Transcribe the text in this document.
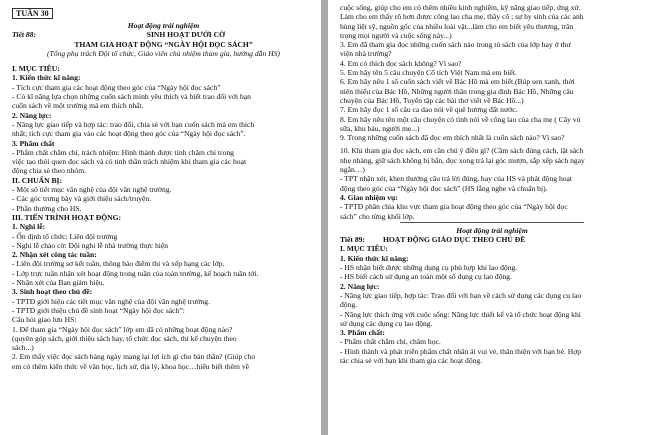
TUẦN 30
Hoạt động trải nghiệm
Tiết 88:	SINH HOẠT DƯỚI CỜ
THAM GIA HOẠT ĐỘNG “NGÀY HỘI ĐỌC SÁCH”
(Tổng phụ trách Đội tổ chức, Giáo viên chủ nhiệm tham gia, hướng dẫn HS)
I. MỤC TIÊU:
1. Kiến thức kĩ năng:
- Tích cực tham gia các hoạt động theo góc của “Ngày hội đọc sách”
- Có kĩ năng lựa chọn những cuốn sách mình yêu thích và biết trao đổi với bạn
cuốn sách về một trường mà em thích nhất.
2. Năng lực:
- Năng lực giao tiếp và hợp tác: trao đổi, chia sẻ với bạn cuốn sách mà em thích
nhất; tích cực tham gia vào các hoạt động theo góc của “Ngày hội đọc sách”.
3. Phẩm chất
- Phẩm chất chăm chỉ, trách nhiệm: Hình thành được tính chăm chỉ trong
việc tạo thói quen đọc sách và có tinh thần trách nhiệm khi tham gia các hoạt
động chia sẻ theo nhóm.
II. CHUẨN BỊ:
- Một số tiết mục văn nghệ của đội văn nghệ trường.
- Các góc trưng bày và giới thiệu sách/truyện.
- Phần thưởng cho HS.
III. TIẾN TRÌNH HOẠT ĐỘNG:
1. Nghi lễ:
- Ổn định tổ chức: Liên đội trưởng
- Nghi lễ chào cờ: Đội nghi lễ nhà trường thực hiện
2. Nhận xét công tác tuần:
- Liên đội trưởng sơ kết tuần, thông báo điểm thi và xếp hạng các lớp.
- Lớp trực tuần nhận xét hoạt động trong tuần của toàn trường, kế hoạch tuần tới.
- Nhận xét của Ban giám hiệu.
3. Sinh hoạt theo chủ đề:
- TPTĐ giới hiệu các tiết mục văn nghệ của đội văn nghệ trường.
- TPTĐ giới thiệu chủ đề sinh hoạt “Ngày hội đọc sách”:
Câu hỏi giao lưu HS:
1. Để tham gia “Ngày hội đọc sách” lớp em đã có những hoạt động nào?
(quyên góp sách, giới thiệu sách hay, tổ chức đọc sách, thi kể chuyện theo
sách...)
2. Em thấy việc đọc sách hàng ngày mang lại lợi ích gì cho bản thân? (Giúp cho
em có thêm kiến thức về văn học, lịch sử, địa lý, khoa học…hiểu biết thêm về
cuộc sống, giúp cho em có thêm nhiều kinh nghiệm, kỹ năng giao tiếp, ứng xử.
Làm cho em thấy rõ hơn được công lao cha mẹ, thầy cô ; sự hy sinh của các anh
hùng liệt sỹ, nguồn gốc của nhiều loài vật...làm cho em biết yêu thương, trân
trọng mọi người và cuộc sống này...)
3. Em đã tham gia đọc những cuốn sách nào trong tủ sách của lớp hay ở thư
viện nhà trường?
4. Em có thích đọc sách không? Vì sao?
5. Em hãy tên 5 câu chuyện Cổ tích Việt Nam mà em biết.
6. Em hãy nêu 1 số cuốn sách viết về Bác Hồ mà em biết.(Búp sen xanh, thời
niên thiếu của Bác Hồ, Những người thân trong gia đình Bác Hồ, Những câu
chuyện của Bác Hồ, Tuyển tập các bài thơ viết về Bác Hồ...)
7. Em hãy đọc 1 số câu ca dao nói về quê hương đất nước.
8. Em hãy nêu tên một câu chuyện có tình nói về công lao của cha mẹ ( Cây vú
sữa, khu báu, người mẹ...)
9. Trong những cuốn sách đã đọc em thích nhất là cuốn sách nào? Vì sao?
10. Khi tham gia đọc sách, em cần chú ý điều gì? (Cầm sách đúng cách, lật sách
nhẹ nhàng, giữ sách không bị bẩn, đọc xong trả lại góc mượn, sắp xếp sách ngay
ngắn…)
- TPT nhận xét, khen thưởng câu trả lời đúng, hay của HS và phát động hoạt
động theo góc của “Ngày hội đọc sách” (HS lắng nghe và chuẩn bị).
4. Giao nhiệm vụ:
- TPTĐ phân chia khu vực tham gia hoạt động theo góc của “Ngày hội đọc
sách” cho từng khối lớp.
Hoạt động trải nghiệm
Tiết 89: HOẠT ĐỘNG GIÁO DỤC THEO CHỦ ĐỀ
I. MỤC TIÊU:
1. Kiến thức kĩ năng:
- HS nhận biết được những dụng cụ phù hợp khi lao động.
- HS biết cách sử dụng an toàn một số dụng cụ lao động.
2. Năng lực:
- Năng lực giao tiếp, hợp tác: Trao đổi với bạn về cách sử dụng các dụng cụ lao
động.
- Năng lực thích ứng với cuộc sống: Năng lực thiết kế và tổ chức hoạt động khi
sử dụng các dụng cụ lao động.
3. Phẩm chất:
- Phẩm chất chăm chỉ, chăm học.
- Hình thành và phát triển phẩm chất nhân ái vui vẻ, thân thiện với bạn bè. Hợp
tác chia sẻ với bạn khi tham gia các hoạt động.
